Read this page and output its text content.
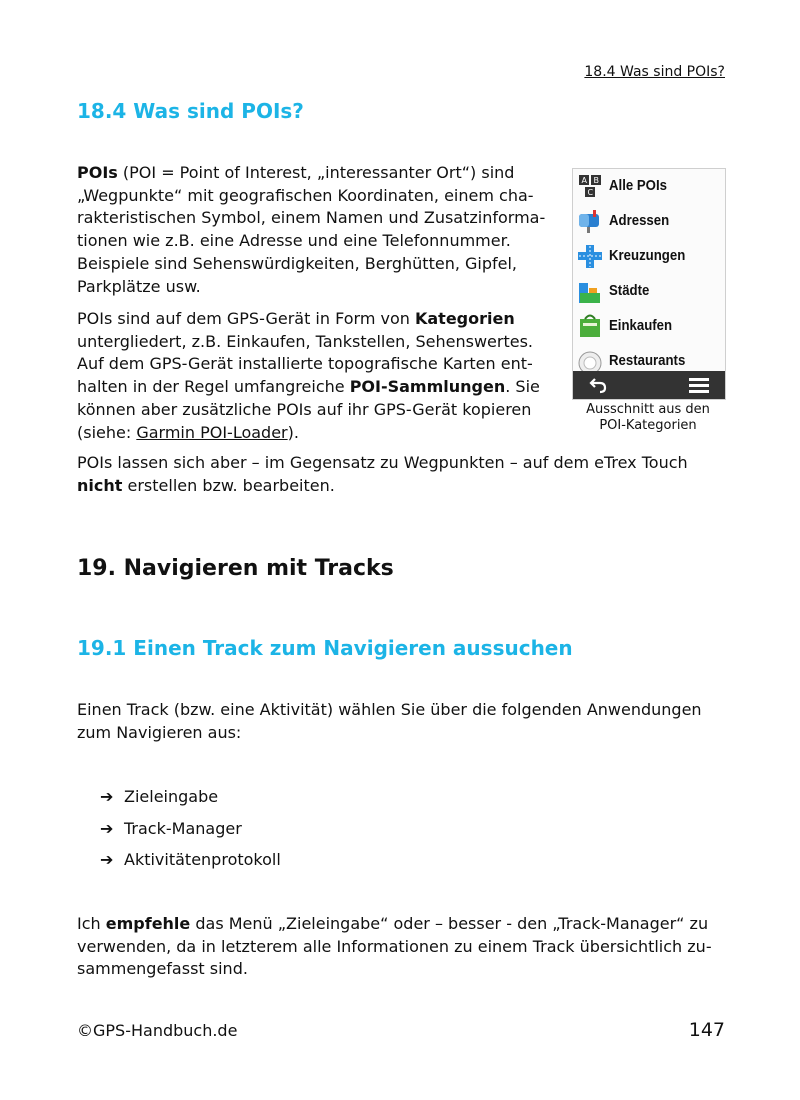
18.4 Was sind POIs?
18.4 Was sind POIs?
POIs (POI = Point of Interest, „interessanter Ort“) sind
„Wegpunkte“ mit geografischen Koordinaten, einem cha-
rakteristischen Symbol, einem Namen und Zusatzinforma-
tionen wie z.B. eine Adresse und eine Telefonnummer.
Beispiele sind Sehenswürdigkeiten, Berghütten, Gipfel,
Parkplätze usw.
POIs sind auf dem GPS-Gerät in Form von Kategorien
untergliedert, z.B. Einkaufen, Tankstellen, Sehenswertes.
Auf dem GPS-Gerät installierte topografische Karten ent-
halten in der Regel umfangreiche POI-Sammlungen. Sie
können aber zusätzliche POIs auf ihr GPS-Gerät kopieren
(siehe: Garmin POI-Loader).
A B
C Alle POIs
Adressen
Kreuzungen
Städte
Einkaufen
Restaurants
Ausschnitt aus den
POI-Kategorien
POIs lassen sich aber – im Gegensatz zu Wegpunkten – auf dem eTrex Touch
nicht erstellen bzw. bearbeiten.
19. Navigieren mit Tracks
19.1 Einen Track zum Navigieren aussuchen
Einen Track (bzw. eine Aktivität) wählen Sie über die folgenden Anwendungen
zum Navigieren aus:
➔ Zieleingabe
➔ Track-Manager
➔ Aktivitätenprotokoll
Ich empfehle das Menü „Zieleingabe“ oder – besser - den „Track-Manager“ zu
verwenden, da in letzterem alle Informationen zu einem Track übersichtlich zu-
sammengefasst sind.
©GPS-Handbuch.de	147
